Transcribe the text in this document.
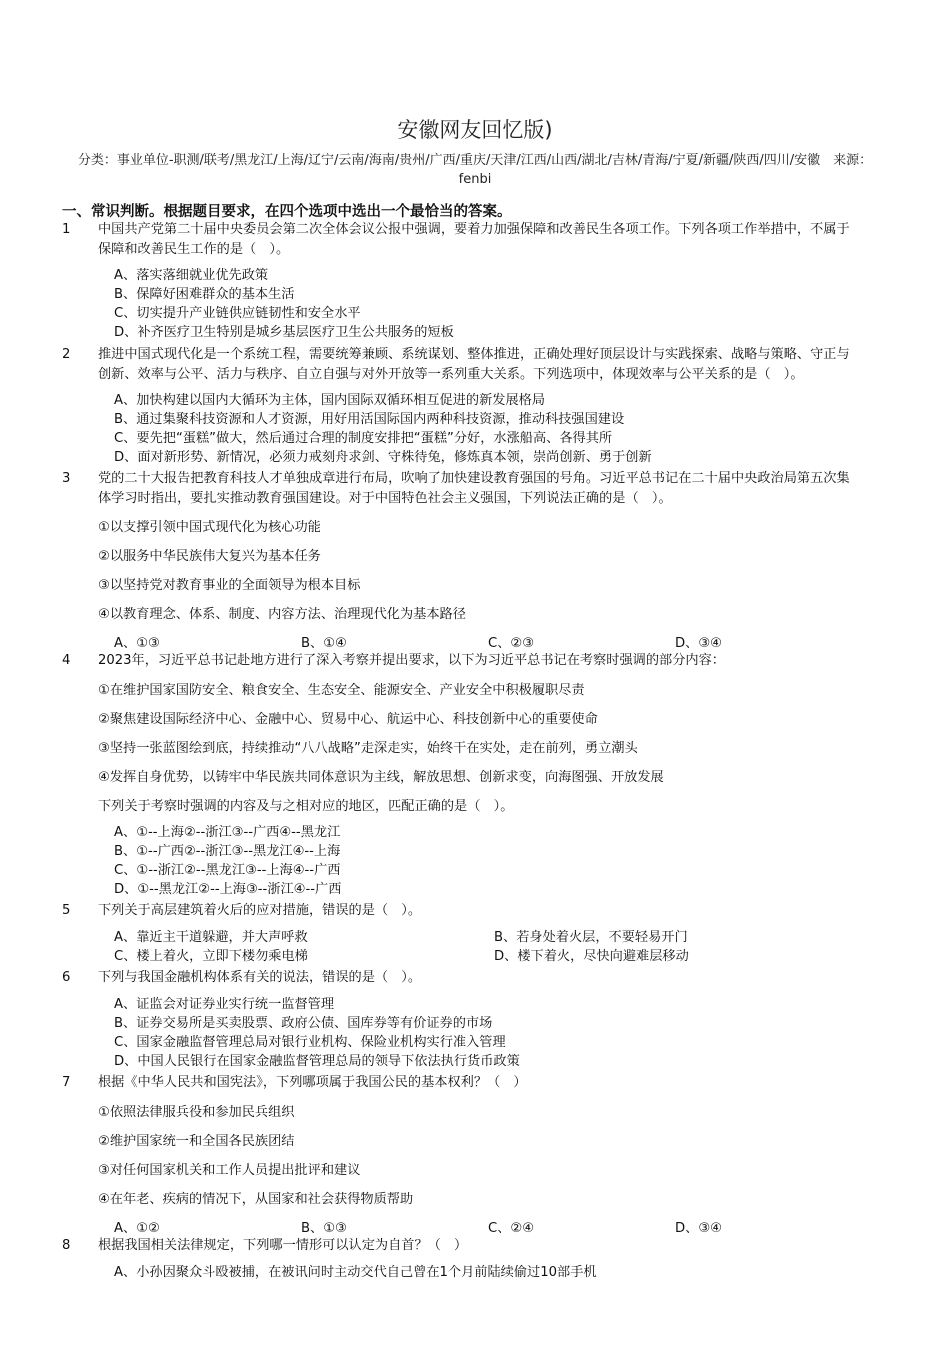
安徽网友回忆版)
分类：事业单位-职测/联考/黑龙江/上海/辽宁/云南/海南/贵州/广西/重庆/天津/江西/山西/湖北/吉林/青海/宁夏/新疆/陕西/四川/安徽　来源：fenbi
一、常识判断。根据题目要求，在四个选项中选出一个最恰当的答案。
1	中国共产党第二十届中央委员会第二次全体会议公报中强调，要着力加强保障和改善民生各项工作。下列各项工作举措中，不属于保障和改善民生工作的是（　）。
A、落实落细就业优先政策
B、保障好困难群众的基本生活
C、切实提升产业链供应链韧性和安全水平
D、补齐医疗卫生特别是城乡基层医疗卫生公共服务的短板
2	推进中国式现代化是一个系统工程，需要统筹兼顾、系统谋划、整体推进，正确处理好顶层设计与实践探索、战略与策略、守正与创新、效率与公平、活力与秩序、自立自强与对外开放等一系列重大关系。下列选项中，体现效率与公平关系的是（　）。
A、加快构建以国内大循环为主体，国内国际双循环相互促进的新发展格局
B、通过集聚科技资源和人才资源，用好用活国际国内两种科技资源，推动科技强国建设
C、要先把“蛋糕”做大，然后通过合理的制度安排把“蛋糕”分好，水涨船高、各得其所
D、面对新形势、新情况，必须力戒刻舟求剑、守株待兔，修炼真本领，崇尚创新、勇于创新
3	党的二十大报告把教育科技人才单独成章进行布局，吹响了加快建设教育强国的号角。习近平总书记在二十届中央政治局第五次集体学习时指出，要扎实推动教育强国建设。对于中国特色社会主义强国，下列说法正确的是（　）。
①以支撑引领中国式现代化为核心功能
②以服务中华民族伟大复兴为基本任务
③以坚持党对教育事业的全面领导为根本目标
④以教育理念、体系、制度、内容方法、治理现代化为基本路径
A、①③	B、①④	C、②③	D、③④
4	2023年，习近平总书记赴地方进行了深入考察并提出要求，以下为习近平总书记在考察时强调的部分内容：
①在维护国家国防安全、粮食安全、生态安全、能源安全、产业安全中积极履职尽责
②聚焦建设国际经济中心、金融中心、贸易中心、航运中心、科技创新中心的重要使命
③坚持一张蓝图绘到底，持续推动“八八战略”走深走实，始终干在实处，走在前列，勇立潮头
④发挥自身优势，以铸牢中华民族共同体意识为主线，解放思想、创新求变，向海图强、开放发展
下列关于考察时强调的内容及与之相对应的地区，匹配正确的是（　）。
A、①--上海②--浙江③--广西④--黑龙江
B、①--广西②--浙江③--黑龙江④--上海
C、①--浙江②--黑龙江③--上海④--广西
D、①--黑龙江②--上海③--浙江④--广西
5	下列关于高层建筑着火后的应对措施，错误的是（　）。
A、靠近主干道躲避，并大声呼救	B、若身处着火层，不要轻易开门
C、楼上着火，立即下楼勿乘电梯	D、楼下着火，尽快向避难层移动
6	下列与我国金融机构体系有关的说法，错误的是（　）。
A、证监会对证券业实行统一监督管理
B、证券交易所是买卖股票、政府公债、国库券等有价证券的市场
C、国家金融监督管理总局对银行业机构、保险业机构实行准入管理
D、中国人民银行在国家金融监督管理总局的领导下依法执行货币政策
7	根据《中华人民共和国宪法》，下列哪项属于我国公民的基本权利？（　）
①依照法律服兵役和参加民兵组织
②维护国家统一和全国各民族团结
③对任何国家机关和工作人员提出批评和建议
④在年老、疾病的情况下，从国家和社会获得物质帮助
A、①②	B、①③	C、②④	D、③④
8	根据我国相关法律规定，下列哪一情形可以认定为自首？（　）
A、小孙因聚众斗殴被捕，在被讯问时主动交代自己曾在1个月前陆续偷过10部手机
